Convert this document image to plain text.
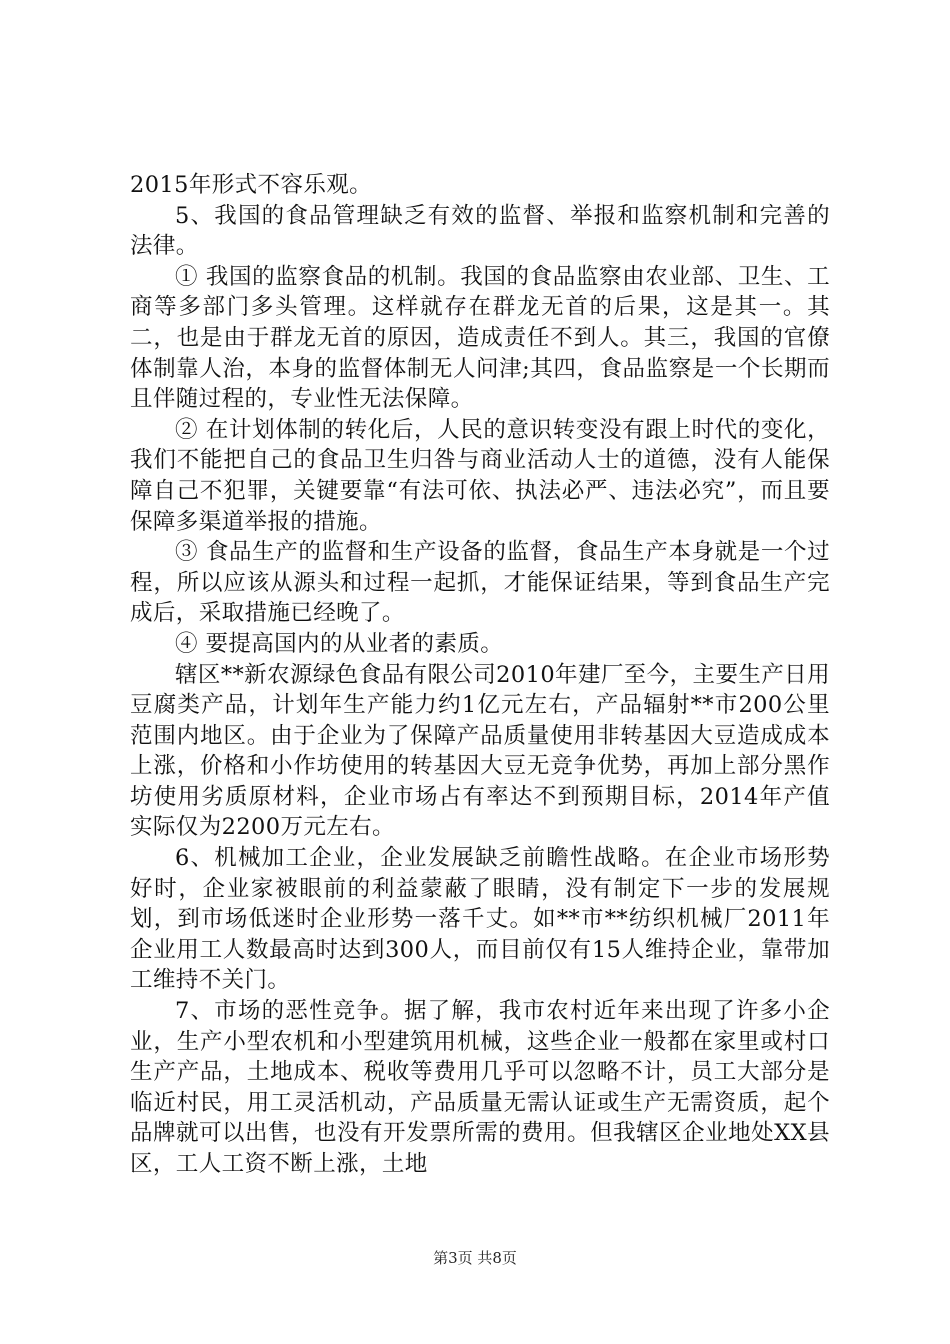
2015年形式不容乐观。

5、我国的食品管理缺乏有效的监督、举报和监察机制和完善的法律。

① 我国的监察食品的机制。我国的食品监察由农业部、卫生、工商等多部门多头管理。这样就存在群龙无首的后果，这是其一。其二，也是由于群龙无首的原因，造成责任不到人。其三，我国的官僚体制靠人治，本身的监督体制无人问津;其四，食品监察是一个长期而且伴随过程的，专业性无法保障。

② 在计划体制的转化后，人民的意识转变没有跟上时代的变化，我们不能把自己的食品卫生归咎与商业活动人士的道德，没有人能保障自己不犯罪，关键要靠“有法可依、执法必严、违法必究”，而且要保障多渠道举报的措施。

③ 食品生产的监督和生产设备的监督，食品生产本身就是一个过程，所以应该从源头和过程一起抓，才能保证结果，等到食品生产完成后，采取措施已经晚了。

④ 要提高国内的从业者的素质。

辖区**新农源绿色食品有限公司2010年建厂至今，主要生产日用豆腐类产品，计划年生产能力约1亿元左右，产品辐射**市200公里范围内地区。由于企业为了保障产品质量使用非转基因大豆造成成本上涨，价格和小作坊使用的转基因大豆无竞争优势，再加上部分黑作坊使用劣质原材料，企业市场占有率达不到预期目标，2014年产值实际仅为2200万元左右。

6、机械加工企业，企业发展缺乏前瞻性战略。在企业市场形势好时，企业家被眼前的利益蒙蔽了眼睛，没有制定下一步的发展规划，到市场低迷时企业形势一落千丈。如**市**纺织机械厂2011年企业用工人数最高时达到300人，而目前仅有15人维持企业，靠带加工维持不关门。

7、市场的恶性竞争。据了解，我市农村近年来出现了许多小企业，生产小型农机和小型建筑用机械，这些企业一般都在家里或村口生产产品，土地成本、税收等费用几乎可以忽略不计，员工大部分是临近村民，用工灵活机动，产品质量无需认证或生产无需资质，起个品牌就可以出售，也没有开发票所需的费用。但我辖区企业地处XX县区，工人工资不断上涨，土地

第3页 共8页
